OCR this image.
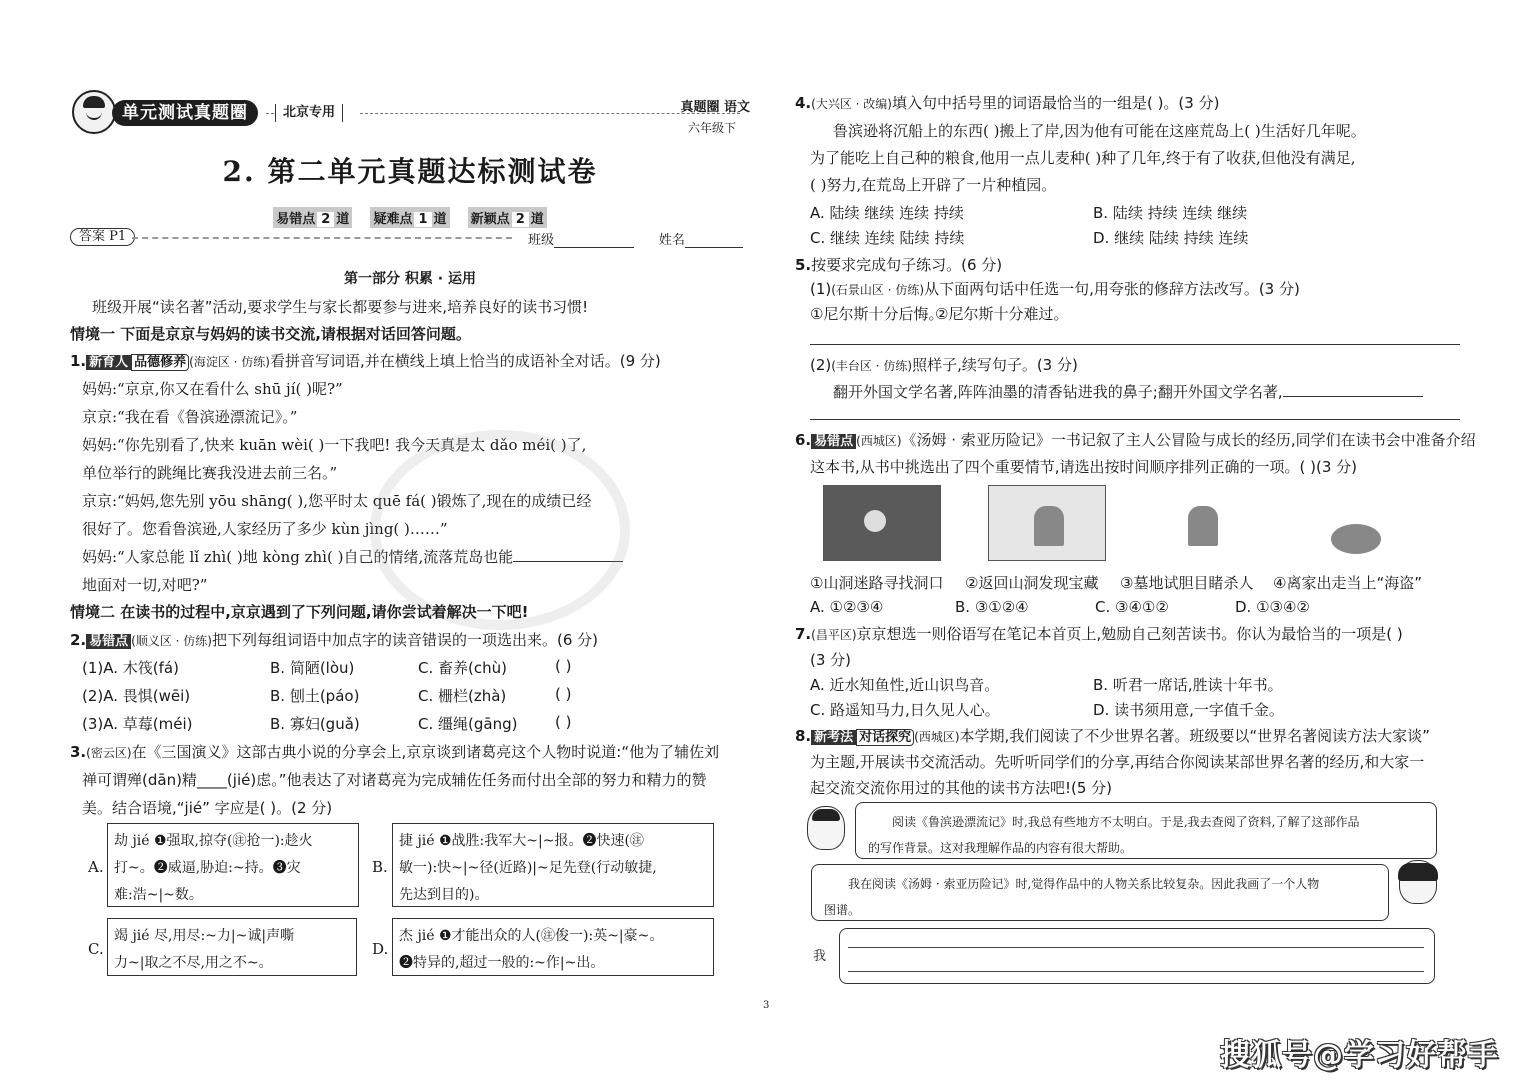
单元测试真题圈	北京专用	真题圈 语文
六年级下
2. 第二单元真题达标测试卷
易错点 2 道 疑难点 1 道 新颖点 2 道
答案 P1	班级	姓名
第一部分 积累 · 运用
班级开展“读名著”活动,要求学生与家长都要参与进来,培养良好的读书习惯!
情境一 下面是京京与妈妈的读书交流,请根据对话回答问题。
1. 新育人 品德修养 (海淀区 · 仿练)看拼音写词语,并在横线上填上恰当的成语补全对话。(9 分)
妈妈:“京京,你又在看什么 shū jí( )呢?”
京京:“我在看《鲁滨逊漂流记》。”
妈妈:“你先别看了,快来 kuān wèi( )一下我吧! 我今天真是太 dǎo méi( )了,
单位举行的跳绳比赛我没进去前三名。”
京京:“妈妈,您先别 yōu shāng( ),您平时太 quē fá( )锻炼了,现在的成绩已经
很好了。您看鲁滨逊,人家经历了多少 kùn jìng( )……”
妈妈:“人家总能 lǐ zhì( )地 kòng zhì( )自己的情绪,流落荒岛也能
地面对一切,对吧?”
情境二 在读书的过程中,京京遇到了下列问题,请你尝试着解决一下吧!
2. 易错点 (顺义区 · 仿练)把下列每组词语中加点字的读音错误的一项选出来。(6 分)
(1)A. 木筏(fá)	B. 简陋(lòu)	C. 畜养(chù)	( )
(2)A. 畏惧(wēi)	B. 刨土(páo)	C. 栅栏(zhà)	( )
(3)A. 草莓(méi)	B. 寡妇(guǎ)	C. 缰绳(gāng)	( )
3.(密云区)在《三国演义》这部古典小说的分享会上,京京谈到诸葛亮这个人物时说道:“他为了辅佐刘
禅可谓殚(dān)精____(jié)虑。”他表达了对诸葛亮为完成辅佐任务而付出全部的努力和精力的赞
美。结合语境,“jié” 字应是( )。(2 分)
A.
劫 jié ❶强取,掠夺(㊟抢一):趁火
打~。❷威逼,胁迫:~持。❸灾
难:浩~|~数。
B.
捷 jié ❶战胜:我军大~|~报。❷快速(㊟
敏一):快~|~径(近路)|~足先登(行动敏捷,
先达到目的)。
C.
竭 jié 尽,用尽:~力|~诚|声嘶
力~|取之不尽,用之不~。
D.
杰 jié ❶才能出众的人(㊟俊一):英~|豪~。
❷特异的,超过一般的:~作|~出。
3
4.(大兴区 · 改编)填入句中括号里的词语最恰当的一组是( )。(3 分)
鲁滨逊将沉船上的东西( )搬上了岸,因为他有可能在这座荒岛上( )生活好几年呢。
为了能吃上自己种的粮食,他用一点儿麦种( )种了几年,终于有了收获,但他没有满足,
( )努力,在荒岛上开辟了一片种植园。
A. 陆续 继续 连续 持续	B. 陆续 持续 连续 继续
C. 继续 连续 陆续 持续	D. 继续 陆续 持续 连续
5.按要求完成句子练习。(6 分)
(1)(石景山区 · 仿练)从下面两句话中任选一句,用夸张的修辞方法改写。(3 分)
①尼尔斯十分后悔。
②尼尔斯十分难过。
(2)(丰台区 · 仿练)照样子,续写句子。(3 分)
翻开外国文学名著,阵阵油墨的清香钻进我的鼻子;翻开外国文学名著,
6. 易错点 (西城区)《汤姆 · 索亚历险记》一书记叙了主人公冒险与成长的经历,同学们在读书会中准备介绍
这本书,从书中挑选出了四个重要情节,请选出按时间顺序排列正确的一项。( )(3 分)
①山洞迷路寻找洞口 ②返回山洞发现宝藏 ③墓地试胆目睹杀人 ④离家出走当上“海盗”
A. ①②③④	B. ③①②④	C. ③④①②	D. ①③④②
7.(昌平区)京京想选一则俗语写在笔记本首页上,勉励自己刻苦读书。你认为最恰当的一项是( )
(3 分)
A. 近水知鱼性,近山识鸟音。	B. 听君一席话,胜读十年书。
C. 路遥知马力,日久见人心。	D. 读书须用意,一字值千金。
8. 新考法 对话探究 (西城区)本学期,我们阅读了不少世界名著。班级要以“世界名著阅读方法大家谈”
为主题,开展读书交流活动。先听听同学们的分享,再结合你阅读某部世界名著的经历,和大家一
起交流交流你用过的其他的读书方法吧!(5 分)
阅读《鲁滨逊漂流记》时,我总有些地方不太明白。于是,我去查阅了资料,了解了这部作品
的写作背景。这对我理解作品的内容有很大帮助。
我在阅读《汤姆 · 索亚历险记》时,觉得作品中的人物关系比较复杂。因此我画了一个人物
图谱。
我
搜狐号@学习好帮手
